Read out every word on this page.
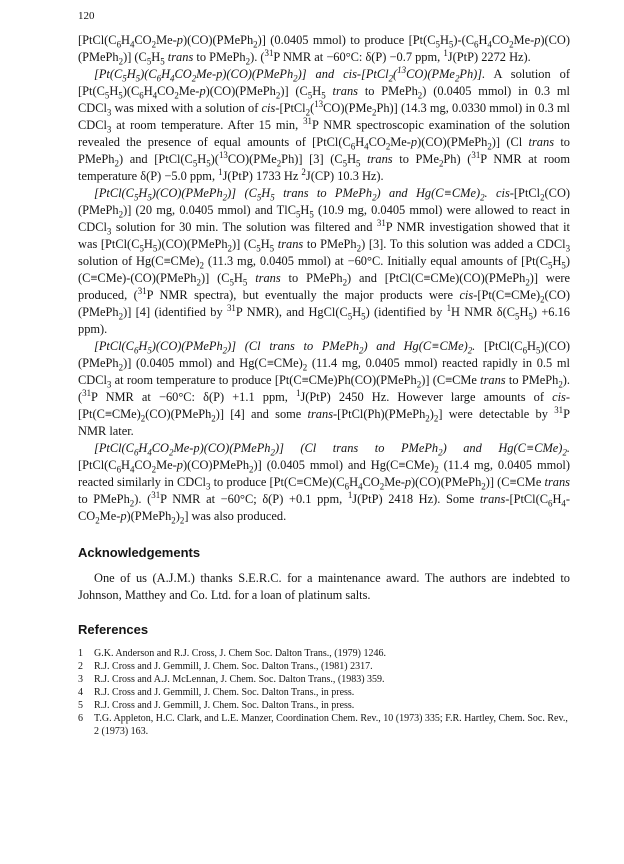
120

$[PtCl(C_6H_4CO_2Me-p)(CO)(PMePh_2)]$ (0.0405 mmol) to produce $[Pt(C_5H_5)-(C_6H_4CO_2Me-p)(CO)(PMePh_2)]$ ($C_5H_5$ trans to PMePh$_2$). ($^{31}$P NMR at −60°C: δ(P) −0.7 ppm, $^1$J(PtP) 2272 Hz).

$[Pt(C_5H_5)(C_6H_4CO_2Me-p)(CO)(PMePh_2)]$ and cis-[PtCl$_2$($^{13}$CO)(PMe$_2$Ph)]. A solution of $[Pt(C_5H_5)(C_6H_4CO_2Me-p)(CO)(PMePh_2)]$ ($C_5H_5$ trans to PMePh$_2$) (0.0405 mmol) in 0.3 ml CDCl$_3$ was mixed with a solution of cis-[PtCl$_2$($^{13}$CO)(PMe$_2$Ph)] (14.3 mg, 0.0330 mmol) in 0.3 ml CDCl$_3$ at room temperature. After 15 min, $^{31}$P NMR spectroscopic examination of the solution revealed the presence of equal amounts of $[PtCl(C_6H_4CO_2Me-p)(CO)(PMePh_2)]$ (Cl trans to PMePh$_2$) and $[PtCl(C_5H_5)(^{13}CO)(PMe_2Ph)]$ [3] ($C_5H_5$ trans to PMe$_2$Ph) ($^{31}$P NMR at room temperature δ(P) −5.0 ppm, $^1$J(PtP) 1733 Hz $^2$J(CP) 10.3 Hz).

$[PtCl(C_5H_5)(CO)(PMePh_2)]$ ($C_5H_5$ trans to PMePh$_2$) and $Hg(C\equiv CMe)_2$. cis-[PtCl$_2$(CO)(PMePh$_2$)] (20 mg, 0.0405 mmol) and $TlC_5H_5$ (10.9 mg, 0.0405 mmol) were allowed to react in CDCl$_3$ solution for 30 min. The solution was filtered and $^{31}$P NMR investigation showed that it was $[PtCl(C_5H_5)(CO)(PMePh_2)]$ ($C_5H_5$ trans to PMePh$_2$) [3]. To this solution was added a CDCl$_3$ solution of $Hg(C\equiv CMe)_2$ (11.3 mg, 0.0405 mmol) at −60°C. Initially equal amounts of $[Pt(C_5H_5)(C\equiv CMe)-(CO)(PMePh_2)]$ ($C_5H_5$ trans to PMePh$_2$) and [PtCl(C≡CMe)(CO)(PMePh$_2$)] were produced, ($^{31}$P NMR spectra), but eventually the major products were cis-$[Pt(C\equiv CMe)_2(CO)(PMePh_2)]$ [4] (identified by $^{31}$P NMR), and $HgCl(C_5H_5)$ (identified by $^1$H NMR $\delta(C_5H_5) +6.16$ ppm).

$[PtCl(C_6H_5)(CO)(PMePh_2)]$ (Cl trans to PMePh$_2$) and $Hg(C\equiv CMe)_2$. $[PtCl(C_6H_5)(CO)(PMePh_2)]$ (0.0405 mmol) and $Hg(C\equiv CMe)_2$ (11.4 mg, 0.0405 mmol) reacted rapidly in 0.5 ml CDCl$_3$ at room temperature to produce [Pt(C≡CMe)Ph(CO)(PMePh$_2$)] (C≡CMe trans to PMePh$_2$). ($^{31}$P NMR at −60°C: δ(P) +1.1 ppm, $^1$J(PtP) 2450 Hz. However large amounts of cis-$[Pt(C\equiv CMe)_2(CO)(PMePh_2)]$ [4] and some trans-$[PtCl(Ph)(PMePh_2)_2]$ were detectable by $^{31}$P NMR later.

$[PtCl(C_6H_4CO_2Me-p)(CO)(PMePh_2)]$ (Cl trans to PMePh$_2$) and $Hg(C\equiv CMe)_2$. $[PtCl(C_6H_4CO_2Me-p)(CO)PMePh_2)$] (0.0405 mmol) and $Hg(C\equiv CMe)_2$ (11.4 mg, 0.0405 mmol) reacted similarly in CDCl$_3$ to produce $[Pt(C\equiv CMe)(C_6H_4CO_2Me-p)(CO)(PMePh_2)]$ (C≡CMe trans to PMePh$_2$). ($^{31}$P NMR at −60°C; δ(P) +0.1 ppm, $^1$J(PtP) 2418 Hz). Some trans-$[PtCl(C_6H_4-CO_2Me-p)(PMePh_2)_2]$ was also produced.

Acknowledgements

One of us (A.J.M.) thanks S.E.R.C. for a maintenance award. The authors are indebted to Johnson, Matthey and Co. Ltd. for a loan of platinum salts.

References
1 G.K. Anderson and R.J. Cross, J. Chem Soc. Dalton Trans., (1979) 1246.
2 R.J. Cross and J. Gemmill, J. Chem. Soc. Dalton Trans., (1981) 2317.
3 R.J. Cross and A.J. McLennan, J. Chem. Soc. Dalton Trans., (1983) 359.
4 R.J. Cross and J. Gemmill, J. Chem. Soc. Dalton Trans., in press.
5 R.J. Cross and J. Gemmill, J. Chem. Soc. Dalton Trans., in press.
6 T.G. Appleton, H.C. Clark, and L.E. Manzer, Coordination Chem. Rev., 10 (1973) 335; F.R. Hartley, Chem. Soc. Rev., 2 (1973) 163.
